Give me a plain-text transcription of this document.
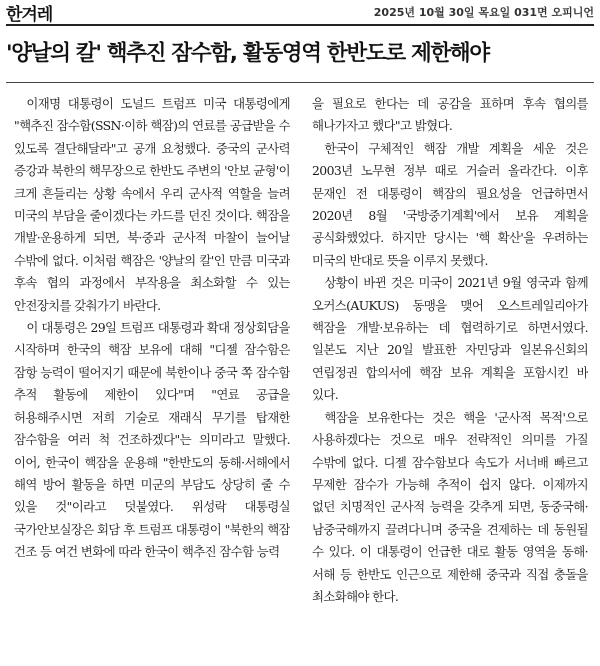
한겨레	2025년 10월 30일 목요일 031면 오피니언
'양날의 칼' 핵추진 잠수함, 활동영역 한반도로 제한해야

이재명 대통령이 도널드 트럼프 미국 대통령에게 "핵추진 잠수함(SSN·이하 핵잠)의 연료를 공급받을 수 있도록 결단해달라"고 공개 요청했다. 중국의 군사력 증강과 북한의 핵무장으로 한반도 주변의 '안보 균형'이 크게 흔들리는 상황 속에서 우리 군사적 역할을 늘려 미국의 부담을 줄이겠다는 카드를 던진 것이다. 핵잠을 개발·운용하게 되면, 북·중과 군사적 마찰이 늘어날 수밖에 없다. 이처럼 핵잠은 '양날의 칼'인 만큼 미국과 후속 협의 과정에서 부작용을 최소화할 수 있는 안전장치를 갖춰가기 바란다.

이 대통령은 29일 트럼프 대통령과 확대 정상회담을 시작하며 한국의 핵잠 보유에 대해 "디젤 잠수함은 잠항 능력이 떨어지기 때문에 북한이나 중국 쪽 잠수함 추적 활동에 제한이 있다"며 "연료 공급을 허용해주시면 저희 기술로 재래식 무기를 탑재한 잠수함을 여러 척 건조하겠다"는 의미라고 말했다. 이어, 한국이 핵잠을 운용해 "한반도의 동해·서해에서 해역 방어 활동을 하면 미군의 부담도 상당히 줄 수 있을 것"이라고 덧붙였다. 위성락 대통령실 국가안보실장은 회담 후 트럼프 대통령이 "북한의 핵잠 건조 등 여건 변화에 따라 한국이 핵추진 잠수함 능력

을 필요로 한다는 데 공감을 표하며 후속 협의를 해나가자고 했다"고 밝혔다.

한국이 구체적인 핵잠 개발 계획을 세운 것은 2003년 노무현 정부 때로 거슬러 올라간다. 이후 문재인 전 대통령이 핵잠의 필요성을 언급하면서 2020년 8월 '국방중기계획'에서 보유 계획을 공식화했었다. 하지만 당시는 '핵 확산'을 우려하는 미국의 반대로 뜻을 이루지 못했다.

상황이 바뀐 것은 미국이 2021년 9월 영국과 함께 오커스(AUKUS) 동맹을 맺어 오스트레일리아가 핵잠을 개발·보유하는 데 협력하기로 하면서였다. 일본도 지난 20일 발표한 자민당과 일본유신회의 연립정권 합의서에 핵잠 보유 계획을 포함시킨 바 있다.

핵잠을 보유한다는 것은 핵을 '군사적 목적'으로 사용하겠다는 것으로 매우 전략적인 의미를 가질 수밖에 없다. 디젤 잠수함보다 속도가 서너배 빠르고 무제한 잠수가 가능해 추적이 쉽지 않다. 이제까지 없던 치명적인 군사적 능력을 갖추게 되면, 동중국해·남중국해까지 끌려다니며 중국을 견제하는 데 동원될 수 있다. 이 대통령이 언급한 대로 활동 영역을 동해·서해 등 한반도 인근으로 제한해 중국과 직접 충돌을 최소화해야 한다.
